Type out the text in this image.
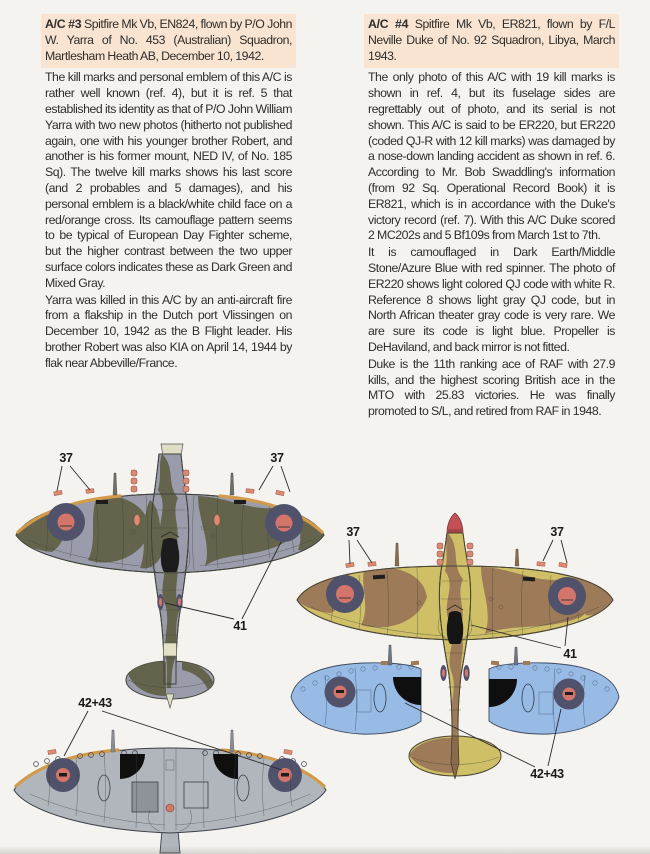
A/C #3 Spitfire Mk Vb, EN824, flown by P/O John W. Yarra of No. 453 (Australian) Squadron, Martlesham Heath AB, December 10, 1942.

The kill marks and personal emblem of this A/C is rather well known (ref. 4), but it is ref. 5 that established its identity as that of P/O John William Yarra with two new photos (hitherto not published again, one with his younger brother Robert, and another is his former mount, NED IV, of No. 185 Sq). The twelve kill marks shows his last score (and 2 probables and 5 damages), and his personal emblem is a black/white child face on a red/orange cross. Its camouflage pattern seems to be typical of European Day Fighter scheme, but the higher contrast between the two upper surface colors indicates these as Dark Green and Mixed Gray.

Yarra was killed in this A/C by an anti-aircraft fire from a flakship in the Dutch port Vlissingen on December 10, 1942 as the B Flight leader. His brother Robert was also KIA on April 14, 1944 by flak near Abbeville/France.

A/C #4 Spitfire Mk Vb, ER821, flown by F/L Neville Duke of No. 92 Squadron, Libya, March 1943.

The only photo of this A/C with 19 kill marks is shown in ref. 4, but its fuselage sides are regrettably out of photo, and its serial is not shown. This A/C is said to be ER220, but ER220 (coded QJ-R with 12 kill marks) was damaged by a nose-down landing accident as shown in ref. 6. According to Mr. Bob Swaddling's information (from 92 Sq. Operational Record Book) it is ER821, which is in accordance with the Duke's victory record (ref. 7). With this A/C Duke scored 2 MC202s and 5 Bf109s from March 1st to 7th.

It is camouflaged in Dark Earth/Middle Stone/Azure Blue with red spinner. The photo of ER220 shows light colored QJ code with white R. Reference 8 shows light gray QJ code, but in North African theater gray code is very rare. We are sure its code is light blue. Propeller is DeHaviland, and back mirror is not fitted.

Duke is the 11th ranking ace of RAF with 27.9 kills, and the highest scoring British ace in the MTO with 25.83 victories. He was finally promoted to S/L, and retired from RAF in 1948.

37	37
41
42+43
37	37
41
42+43
